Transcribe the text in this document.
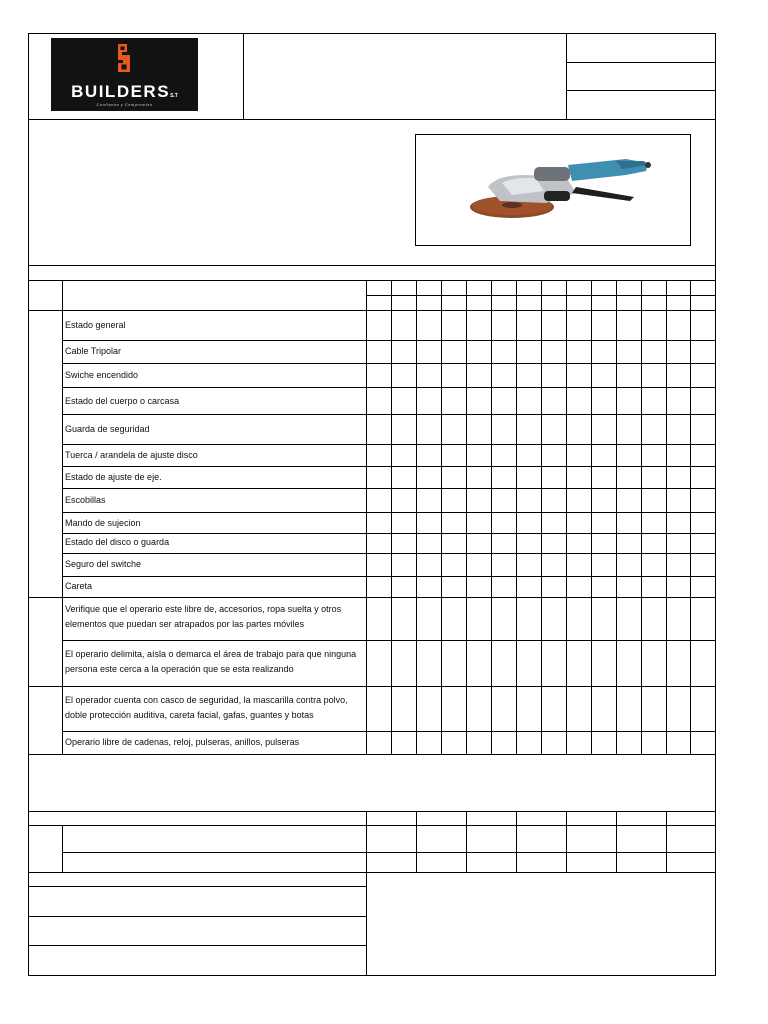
BUILDERSS.T
Confianza y Compromiso
Estado general
Cable Tripolar
Swiche encendido
Estado del cuerpo o carcasa
Guarda de seguridad
Tuerca / arandela de ajuste disco
Estado de ajuste de eje.
Escobillas
Mando de sujecion
Estado del disco o guarda
Seguro del switche
Careta
Verifique que el operario este libre de, accesorios, ropa suelta y otros elementos que puedan ser atrapados por las partes móviles
El operario delimita, aísla o demarca el área de trabajo para que ninguna persona este cerca a la operación que se esta realizando
El operador cuenta con casco de seguridad, la mascarilla contra polvo, doble protección auditiva, careta facial, gafas, guantes y botas
Operario libre de cadenas, reloj, pulseras, anillos, pulseras
